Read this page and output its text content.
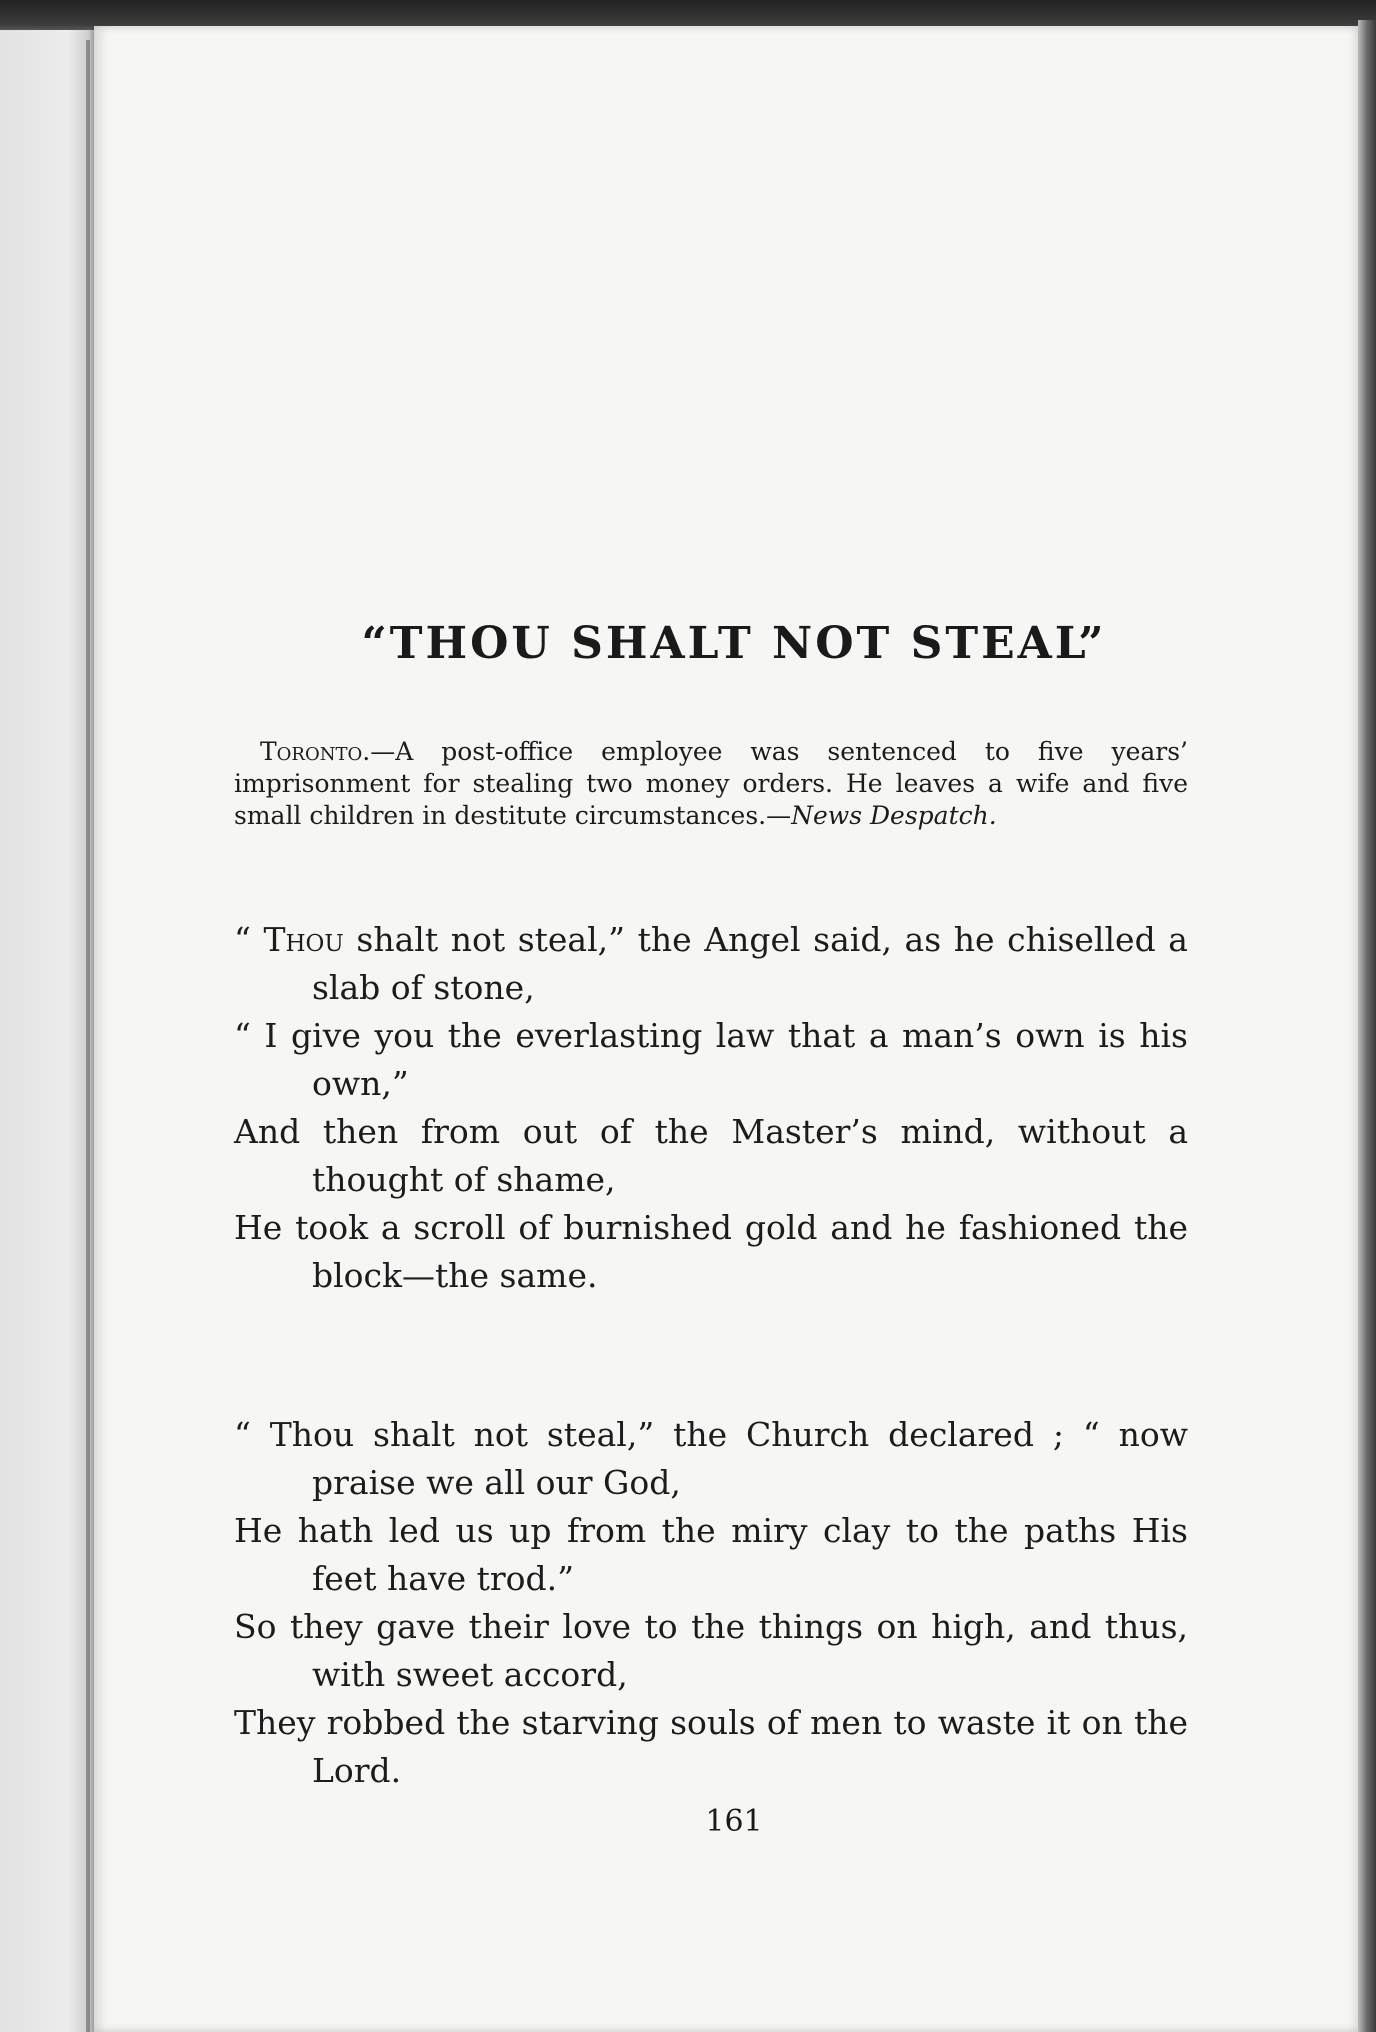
“THOU SHALT NOT STEAL”

Toronto.—A post-office employee was sentenced to five years’ imprisonment for stealing two money orders. He leaves a wife and five small children in destitute circumstances.—News Despatch.

“ Thou shalt not steal,” the Angel said, as he chiselled a slab of stone,

“ I give you the everlasting law that a man’s own is his own,”

And then from out of the Master’s mind, without a thought of shame,

He took a scroll of burnished gold and he fashioned the block—the same.

“ Thou shalt not steal,” the Church declared ; “ now praise we all our God,

He hath led us up from the miry clay to the paths His feet have trod.”

So they gave their love to the things on high, and thus, with sweet accord,

They robbed the starving souls of men to waste it on the Lord.

161
